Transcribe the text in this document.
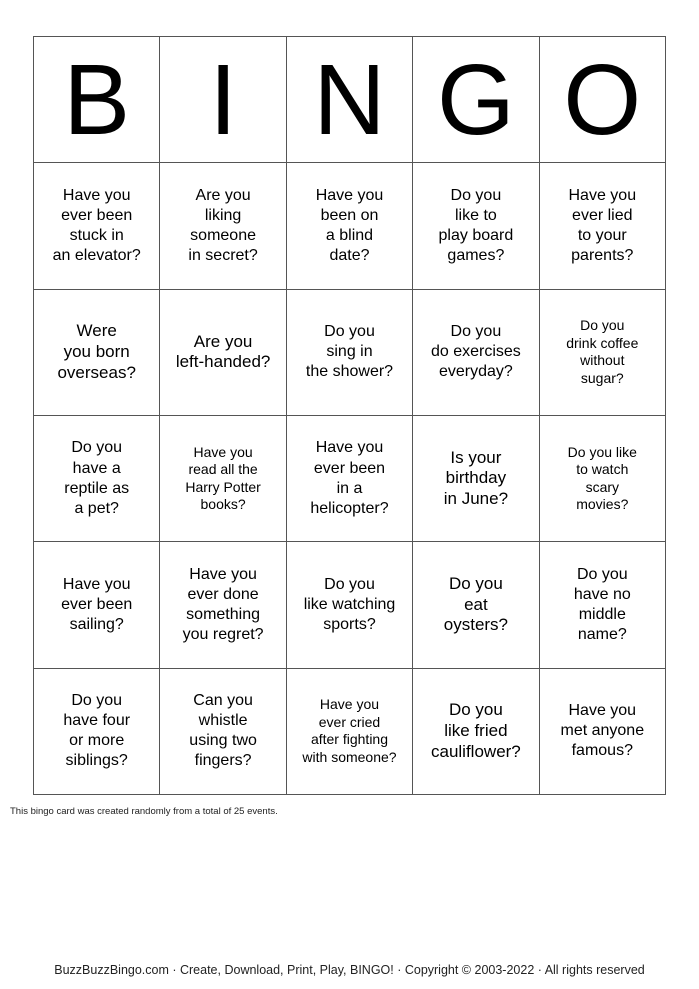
B I N G O
Have you
ever been
stuck in
an elevator?
Are you
liking
someone
in secret?
Have you
been on
a blind
date?
Do you
like to
play board
games?
Have you
ever lied
to your
parents?
Were
you born
overseas?
Are you
left-handed?
Do you
sing in
the shower?
Do you
do exercises
everyday?
Do you
drink coffee
without
sugar?
Do you
have a
reptile as
a pet?
Have you
read all the
Harry Potter
books?
Have you
ever been
in a
helicopter?
Is your
birthday
in June?
Do you like
to watch
scary
movies?
Have you
ever been
sailing?
Have you
ever done
something
you regret?
Do you
like watching
sports?
Do you
eat
oysters?
Do you
have no
middle
name?
Do you
have four
or more
siblings?
Can you
whistle
using two
fingers?
Have you
ever cried
after fighting
with someone?
Do you
like fried
cauliflower?
Have you
met anyone
famous?
This bingo card was created randomly from a total of 25 events.
BuzzBuzzBingo.com · Create, Download, Print, Play, BINGO! · Copyright © 2003-2022 · All rights reserved
